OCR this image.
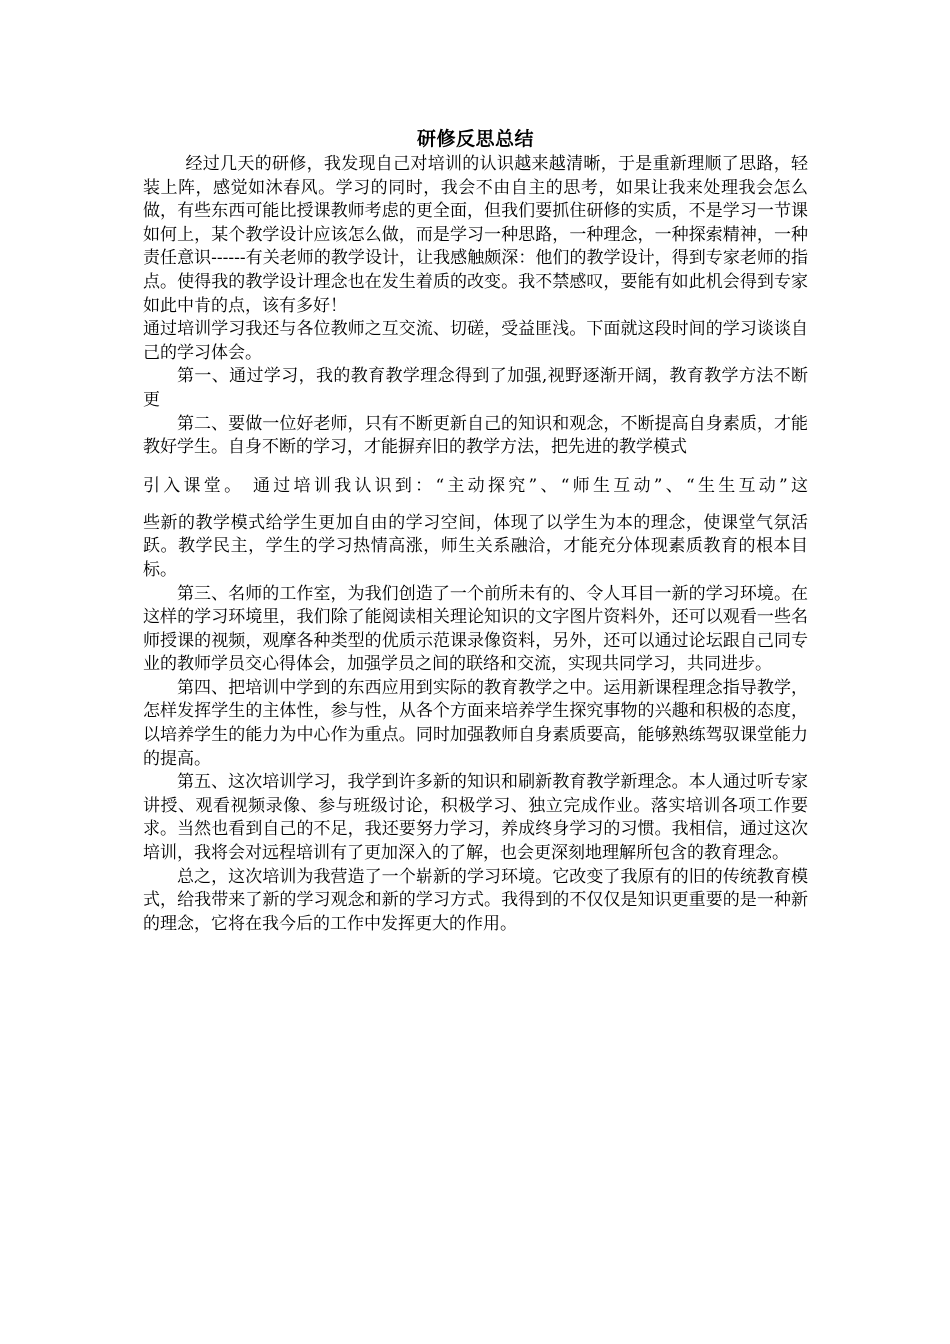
研修反思总结

经过几天的研修，我发现自己对培训的认识越来越清晰，于是重新理顺了思路，轻装上阵，感觉如沐春风。学习的同时，我会不由自主的思考，如果让我来处理我会怎么做，有些东西可能比授课教师考虑的更全面，但我们要抓住研修的实质，不是学习一节课如何上，某个教学设计应该怎么做，而是学习一种思路，一种理念，一种探索精神，一种责任意识------有关老师的教学设计，让我感触颇深：他们的教学设计，得到专家老师的指点。使得我的教学设计理念也在发生着质的改变。我不禁感叹，要能有如此机会得到专家如此中肯的点，该有多好！

通过培训学习我还与各位教师之互交流、切磋，受益匪浅。下面就这段时间的学习谈谈自己的学习体会。

第一、通过学习，我的教育教学理念得到了加强,视野逐渐开阔，教育教学方法不断更

第二、要做一位好老师，只有不断更新自己的知识和观念，不断提高自身素质，才能教好学生。自身不断的学习，才能摒弃旧的教学方法，把先进的教学模式

引入课堂。 通过培训我认识到：“主动探究”、“师生互动”、“生生互动”这

些新的教学模式给学生更加自由的学习空间，体现了以学生为本的理念，使课堂气氛活跃。教学民主，学生的学习热情高涨，师生关系融洽，才能充分体现素质教育的根本目标。

第三、名师的工作室，为我们创造了一个前所未有的、令人耳目一新的学习环境。在这样的学习环境里，我们除了能阅读相关理论知识的文字图片资料外，还可以观看一些名师授课的视频，观摩各种类型的优质示范课录像资料，另外，还可以通过论坛跟自己同专业的教师学员交心得体会，加强学员之间的联络和交流，实现共同学习，共同进步。

第四、把培训中学到的东西应用到实际的教育教学之中。运用新课程理念指导教学，怎样发挥学生的主体性，参与性，从各个方面来培养学生探究事物的兴趣和积极的态度，以培养学生的能力为中心作为重点。同时加强教师自身素质要高，能够熟练驾驭课堂能力的提高。

第五、这次培训学习，我学到许多新的知识和刷新教育教学新理念。本人通过听专家讲授、观看视频录像、参与班级讨论，积极学习、独立完成作业。落实培训各项工作要求。当然也看到自己的不足，我还要努力学习，养成终身学习的习惯。我相信，通过这次培训，我将会对远程培训有了更加深入的了解，也会更深刻地理解所包含的教育理念。

总之，这次培训为我营造了一个崭新的学习环境。它改变了我原有的旧的传统教育模式，给我带来了新的学习观念和新的学习方式。我得到的不仅仅是知识更重要的是一种新的理念，它将在我今后的工作中发挥更大的作用。
